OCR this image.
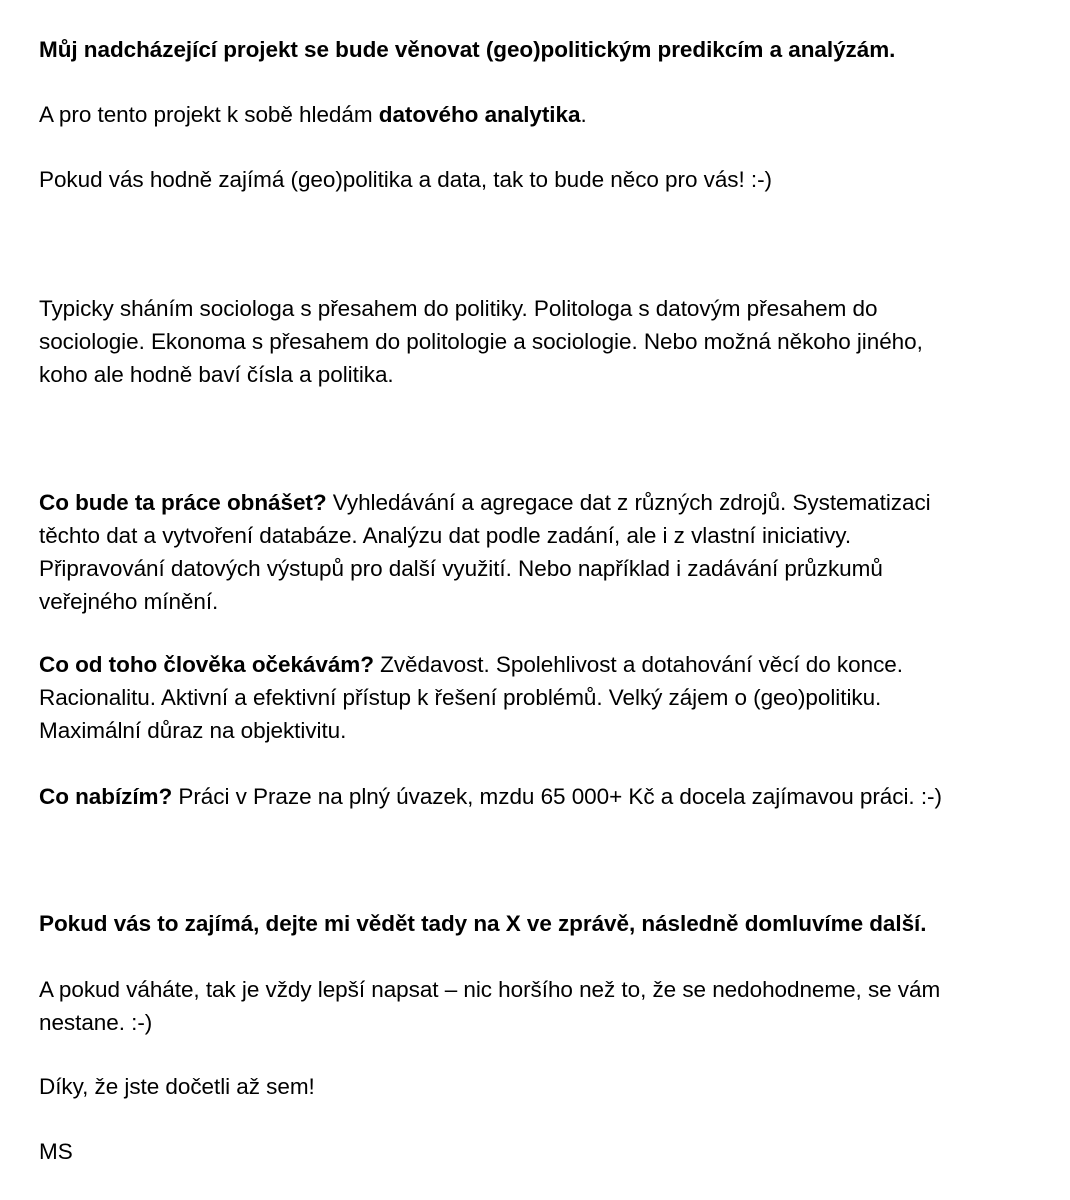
Můj nadcházející projekt se bude věnovat (geo)politickým predikcím a analýzám.

A pro tento projekt k sobě hledám datového analytika.

Pokud vás hodně zajímá (geo)politika a data, tak to bude něco pro vás! :-)

Typicky sháním sociologa s přesahem do politiky. Politologa s datovým přesahem do
sociologie. Ekonoma s přesahem do politologie a sociologie. Nebo možná někoho jiného,
koho ale hodně baví čísla a politika.

Co bude ta práce obnášet? Vyhledávání a agregace dat z různých zdrojů. Systematizaci
těchto dat a vytvoření databáze. Analýzu dat podle zadání, ale i z vlastní iniciativy.
Připravování datových výstupů pro další využití. Nebo například i zadávání průzkumů
veřejného mínění.

Co od toho člověka očekávám? Zvědavost. Spolehlivost a dotahování věcí do konce.
Racionalitu. Aktivní a efektivní přístup k řešení problémů. Velký zájem o (geo)politiku.
Maximální důraz na objektivitu.

Co nabízím? Práci v Praze na plný úvazek, mzdu 65 000+ Kč a docela zajímavou práci. :-)

Pokud vás to zajímá, dejte mi vědět tady na X ve zprávě, následně domluvíme další.

A pokud váháte, tak je vždy lepší napsat – nic horšího než to, že se nedohodneme, se vám
nestane. :-)

Díky, že jste dočetli až sem!

MS
